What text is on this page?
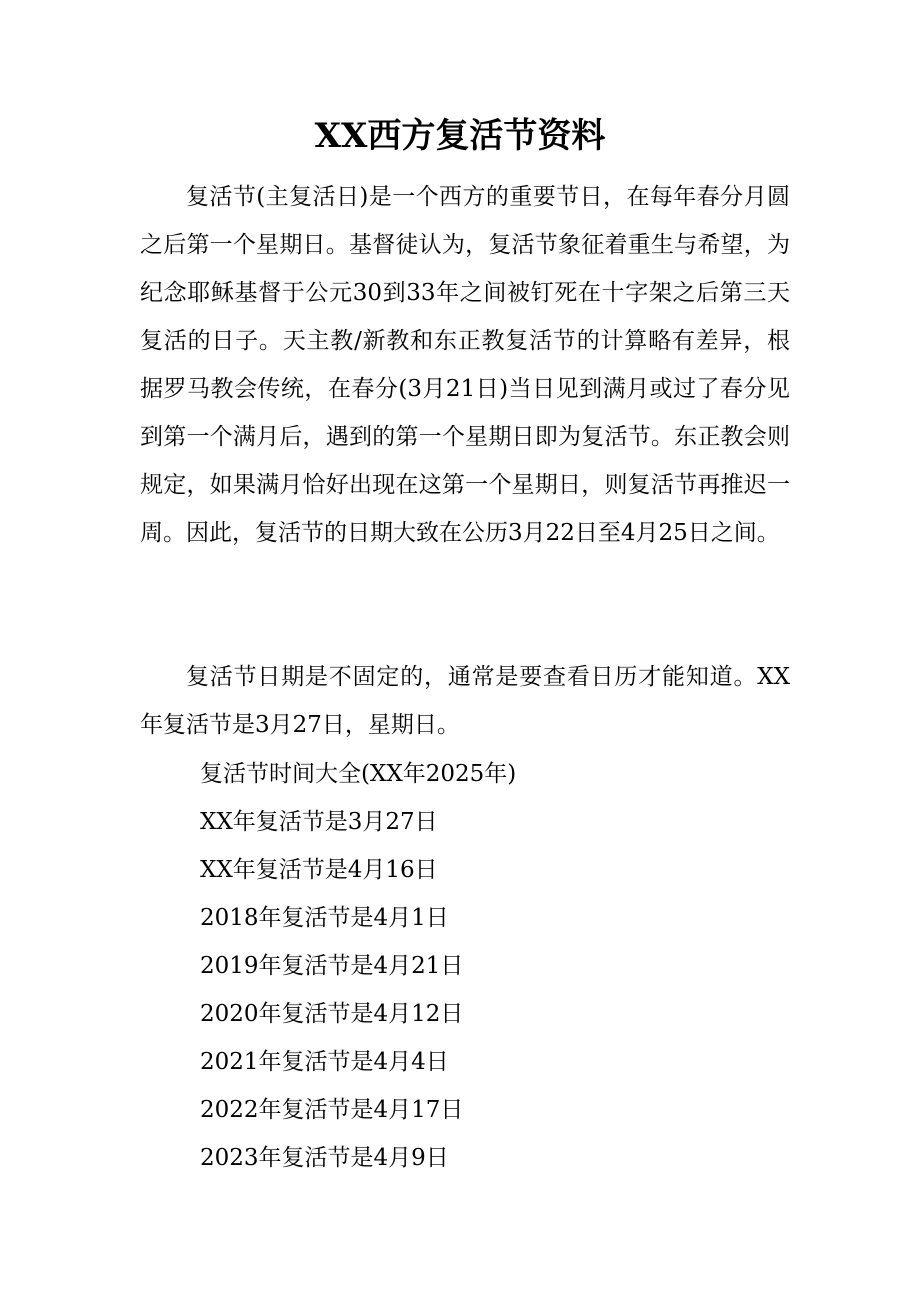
XX西方复活节资料

复活节(主复活日)是一个西方的重要节日，在每年春分月圆之后第一个星期日。基督徒认为，复活节象征着重生与希望，为纪念耶稣基督于公元30到33年之间被钉死在十字架之后第三天复活的日子。天主教/新教和东正教复活节的计算略有差异，根据罗马教会传统，在春分(3月21日)当日见到满月或过了春分见到第一个满月后，遇到的第一个星期日即为复活节。东正教会则规定，如果满月恰好出现在这第一个星期日，则复活节再推迟一周。因此，复活节的日期大致在公历3月22日至4月25日之间。

复活节日期是不固定的，通常是要查看日历才能知道。XX年复活节是3月27日，星期日。

复活节时间大全(XX年2025年)
XX年复活节是3月27日
XX年复活节是4月16日
2018年复活节是4月1日
2019年复活节是4月21日
2020年复活节是4月12日
2021年复活节是4月4日
2022年复活节是4月17日
2023年复活节是4月9日
